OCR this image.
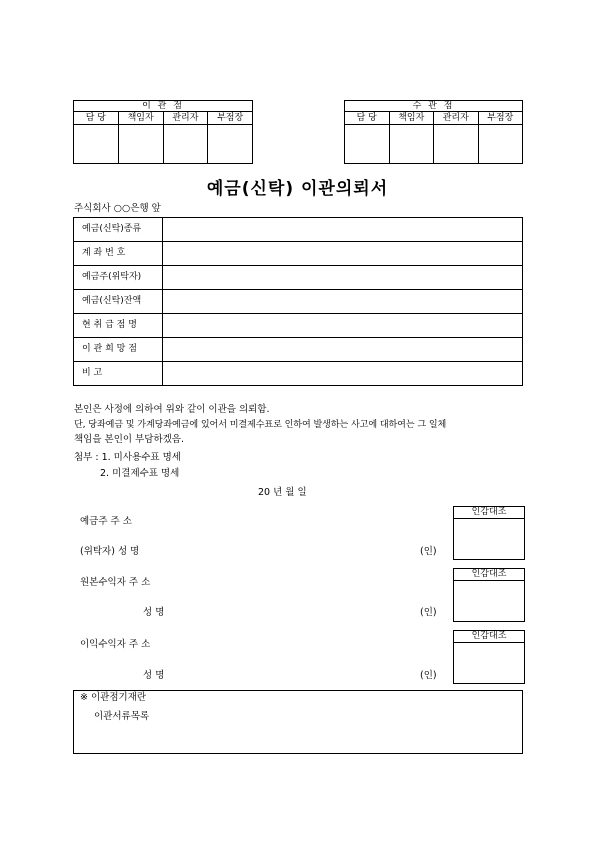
이 관 점			
담 당	책임자	관리자	부점장

수 관 점			
담 당	책임자	관리자	부점장

예금(신탁) 이관의뢰서
주식회사 ○○은행 앞
예금(신탁)종류	
계 좌 번 호	
예금주(위탁자)	
예금(신탁)잔액	
현 취 급 점 명	
이 관 희 망 점	
비 고	
본인은 사정에 의하여 위와 같이 이관을 의뢰함.
단, 당좌예금 및 가계당좌예금에 있어서 미결제수표로 인하여 발생하는 사고에 대하여는 그 일체
책임을 본인이 부담하겠음.
첨부 : 1. 미사용수표 명세
2. 미결제수표 명세
20 년 월 일
예금주 주 소
(위탁자) 성 명	(인)
원본수익자 주 소
성 명	(인)
이익수익자 주 소
성 명	(인)
인감대조
인감대조
인감대조
※ 이관점기재란
이관서류목록
